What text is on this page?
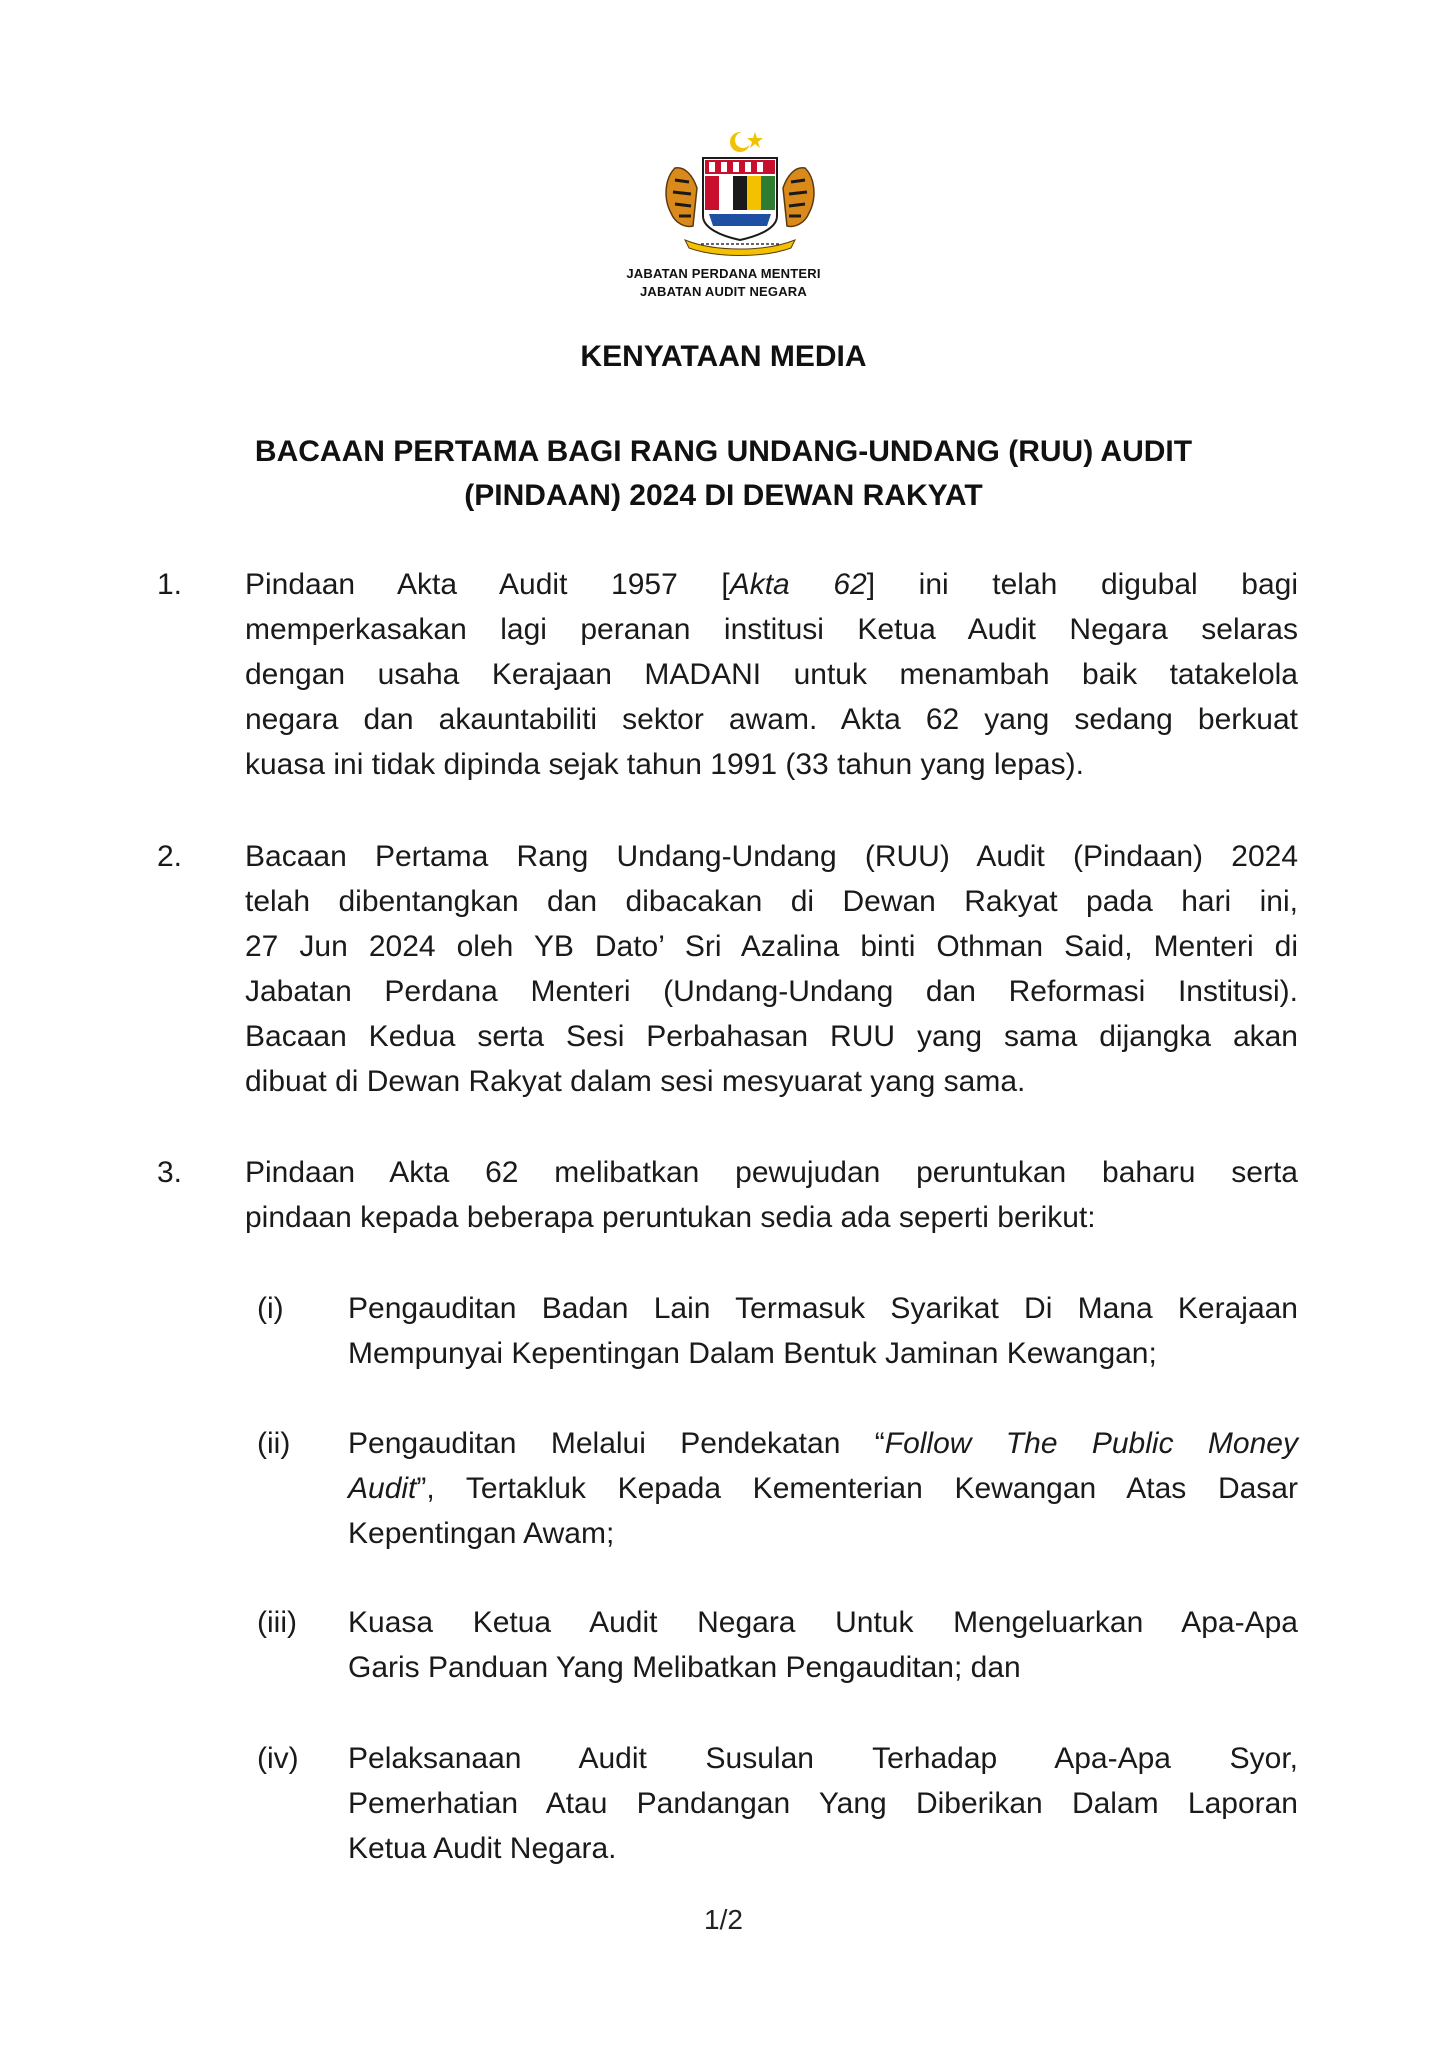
JABATAN PERDANA MENTERI
JABATAN AUDIT NEGARA
KENYATAAN MEDIA
BACAAN PERTAMA BAGI RANG UNDANG-UNDANG (RUU) AUDIT
(PINDAAN) 2024 DI DEWAN RAKYAT
1. Pindaan Akta Audit 1957 [Akta 62] ini telah digubal bagi
memperkasakan lagi peranan institusi Ketua Audit Negara selaras
dengan usaha Kerajaan MADANI untuk menambah baik tatakelola
negara dan akauntabiliti sektor awam. Akta 62 yang sedang berkuat
kuasa ini tidak dipinda sejak tahun 1991 (33 tahun yang lepas).
2. Bacaan Pertama Rang Undang-Undang (RUU) Audit (Pindaan) 2024
telah dibentangkan dan dibacakan di Dewan Rakyat pada hari ini,
27 Jun 2024 oleh YB Dato’ Sri Azalina binti Othman Said, Menteri di
Jabatan Perdana Menteri (Undang-Undang dan Reformasi Institusi).
Bacaan Kedua serta Sesi Perbahasan RUU yang sama dijangka akan
dibuat di Dewan Rakyat dalam sesi mesyuarat yang sama.
3. Pindaan Akta 62 melibatkan pewujudan peruntukan baharu serta
pindaan kepada beberapa peruntukan sedia ada seperti berikut:
(i) Pengauditan Badan Lain Termasuk Syarikat Di Mana Kerajaan
Mempunyai Kepentingan Dalam Bentuk Jaminan Kewangan;
(ii) Pengauditan Melalui Pendekatan “Follow The Public Money
Audit”, Tertakluk Kepada Kementerian Kewangan Atas Dasar
Kepentingan Awam;
(iii) Kuasa Ketua Audit Negara Untuk Mengeluarkan Apa-Apa
Garis Panduan Yang Melibatkan Pengauditan; dan
(iv) Pelaksanaan Audit Susulan Terhadap Apa-Apa Syor,
Pemerhatian Atau Pandangan Yang Diberikan Dalam Laporan
Ketua Audit Negara.
1/2
